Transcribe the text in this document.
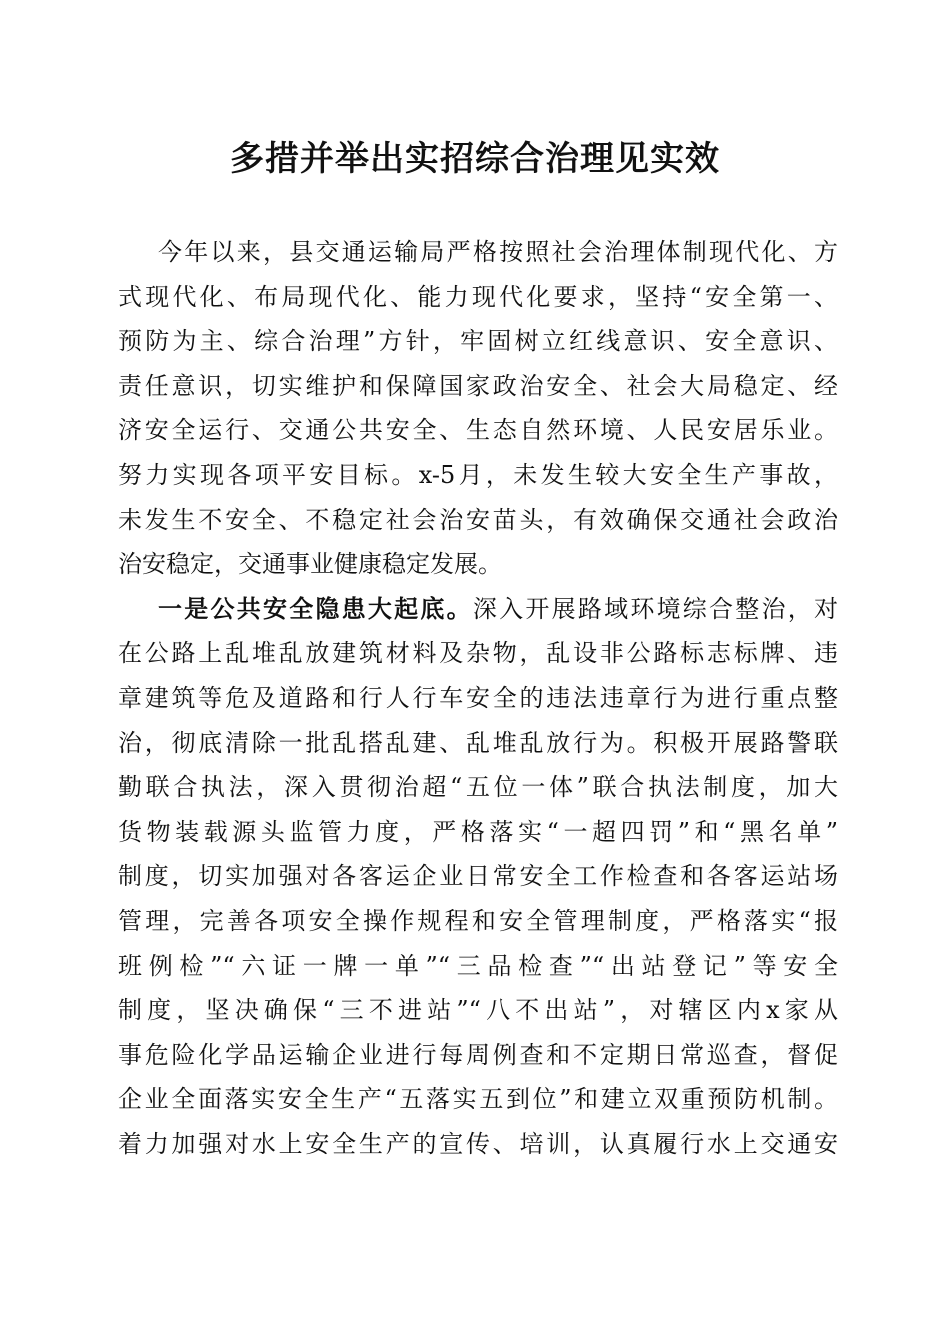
多措并举出实招综合治理见实效
今年以来，县交通运输局严格按照社会治理体制现代化、方
式现代化、布局现代化、能力现代化要求，坚持“安全第一、
预防为主、综合治理”方针，牢固树立红线意识、安全意识、
责任意识，切实维护和保障国家政治安全、社会大局稳定、经
济安全运行、交通公共安全、生态自然环境、人民安居乐业。
努力实现各项平安目标。x-5月，未发生较大安全生产事故，
未发生不安全、不稳定社会治安苗头，有效确保交通社会政治
治安稳定，交通事业健康稳定发展。
一是公共安全隐患大起底。深入开展路域环境综合整治，对
在公路上乱堆乱放建筑材料及杂物，乱设非公路标志标牌、违
章建筑等危及道路和行人行车安全的违法违章行为进行重点整
治，彻底清除一批乱搭乱建、乱堆乱放行为。积极开展路警联
勤联合执法，深入贯彻治超“五位一体”联合执法制度，加大
货物装载源头监管力度，严格落实“一超四罚”和“黑名单”
制度，切实加强对各客运企业日常安全工作检查和各客运站场
管理，完善各项安全操作规程和安全管理制度，严格落实“报
班例检”“六证一牌一单”“三品检查”“出站登记”等安全
制度，坚决确保“三不进站”“八不出站”，对辖区内x家从
事危险化学品运输企业进行每周例查和不定期日常巡查，督促
企业全面落实安全生产“五落实五到位”和建立双重预防机制。
着力加强对水上安全生产的宣传、培训，认真履行水上交通安
